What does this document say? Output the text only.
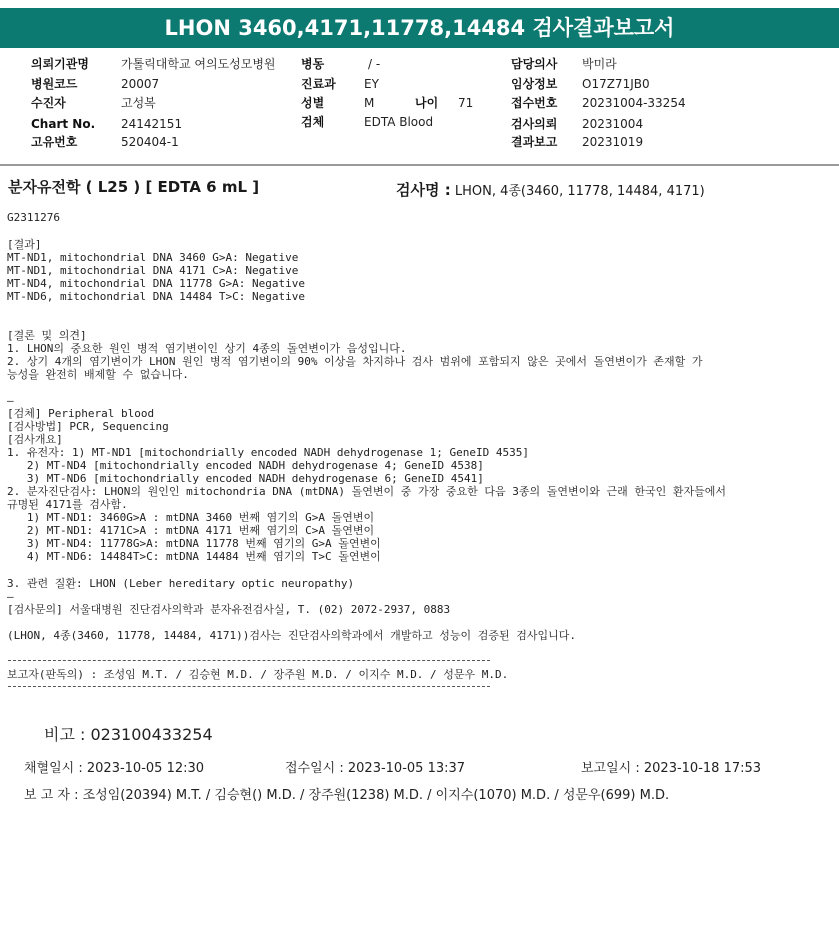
LHON 3460,4171,11778,14484 검사결과보고서
의뢰기관명	가톨릭대학교 여의도성모병원
병원코드	20007
수진자	고성복
Chart No. 24142151
고유번호	520404-1
병동	/ -
진료과 EY
성별	M	나이 71
검체	EDTA Blood
담당의사 박미라
임상정보 O17Z71JB0
접수번호 20231004-33254
검사의뢰 20231004
결과보고 20231019
분자유전학 ( L25 ) [ EDTA 6 mL ]	검사명 : LHON, 4종(3460, 11778, 14484, 4171)
G2311276
[결과]
MT-ND1, mitochondrial DNA 3460 G>A: Negative
MT-ND1, mitochondrial DNA 4171 C>A: Negative
MT-ND4, mitochondrial DNA 11778 G>A: Negative
MT-ND6, mitochondrial DNA 14484 T>C: Negative
[결론 및 의견]
1. LHON의 중요한 원인 병적 염기변이인 상기 4종의 돌연변이가 음성입니다.
2. 상기 4개의 염기변이가 LHON 원인 병적 염기변이의 90% 이상을 차지하나 검사 범위에 포함되지 않은 곳에서 돌연변이가 존재할 가
능성을 완전히 배제할 수 없습니다.
—
[검체] Peripheral blood
[검사방법] PCR, Sequencing
[검사개요]
1. 유전자: 1) MT-ND1 [mitochondrially encoded NADH dehydrogenase 1; GeneID 4535]
2) MT-ND4 [mitochondrially encoded NADH dehydrogenase 4; GeneID 4538]
3) MT-ND6 [mitochondrially encoded NADH dehydrogenase 6; GeneID 4541]
2. 분자진단검사: LHON의 원인인 mitochondria DNA (mtDNA) 돌연변이 중 가장 중요한 다음 3종의 돌연변이와 근래 한국인 환자들에서
규명된 4171를 검사함.
1) MT-ND1: 3460G>A : mtDNA 3460 번째 염기의 G>A 돌연변이
2) MT-ND1: 4171C>A : mtDNA 4171 번째 염기의 C>A 돌연변이
3) MT-ND4: 11778G>A: mtDNA 11778 번째 염기의 G>A 돌연변이
4) MT-ND6: 14484T>C: mtDNA 14484 번째 염기의 T>C 돌연변이
3. 관련 질환: LHON (Leber hereditary optic neuropathy)
—
[검사문의] 서울대병원 진단검사의학과 분자유전검사실, T. (02) 2072-2937, 0883
(LHON, 4종(3460, 11778, 14484, 4171))검사는 진단검사의학과에서 개발하고 성능이 검증된 검사입니다.
보고자(판독의) : 조성임 M.T. / 김승현 M.D. / 장주원 M.D. / 이지수 M.D. / 성문우 M.D.
비고 : 023100433254
채혈일시 : 2023-10-05 12:30	접수일시 : 2023-10-05 13:37	보고일시 : 2023-10-18 17:53
보 고 자 : 조성임(20394) M.T. / 김승현() M.D. / 장주원(1238) M.D. / 이지수(1070) M.D. / 성문우(699) M.D.
